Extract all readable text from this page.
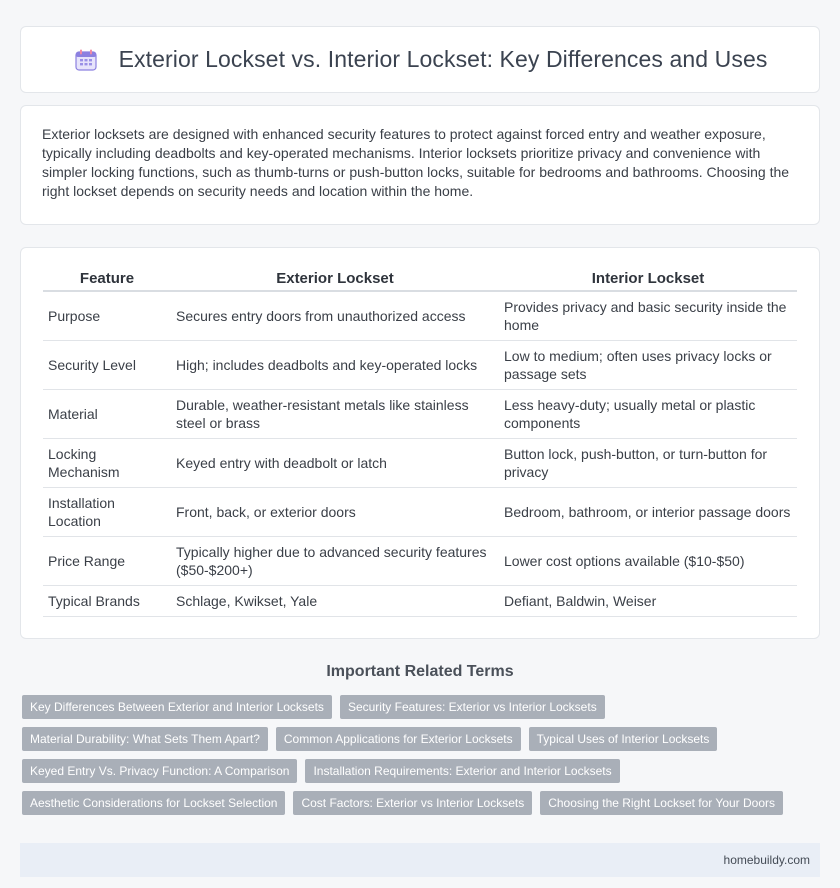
Exterior Lockset vs. Interior Lockset: Key Differences and Uses

Exterior locksets are designed with enhanced security features to protect against forced entry and weather exposure, typically including deadbolts and key-operated mechanisms. Interior locksets prioritize privacy and convenience with simpler locking functions, such as thumb-turns or push-button locks, suitable for bedrooms and bathrooms. Choosing the right lockset depends on security needs and location within the home.

Feature	Exterior Lockset	Interior Lockset
Purpose	Secures entry doors from unauthorized access	Provides privacy and basic security inside the home
Security Level	High; includes deadbolts and key-operated locks	Low to medium; often uses privacy locks or passage sets
Material	Durable, weather-resistant metals like stainless steel or brass	Less heavy-duty; usually metal or plastic components
Locking Mechanism	Keyed entry with deadbolt or latch	Button lock, push-button, or turn-button for privacy
Installation Location	Front, back, or exterior doors	Bedroom, bathroom, or interior passage doors
Price Range	Typically higher due to advanced security features ($50-$200+)	Lower cost options available ($10-$50)
Typical Brands	Schlage, Kwikset, Yale	Defiant, Baldwin, Weiser
Important Related Terms
Key Differences Between Exterior and Interior Locksets	Security Features: Exterior vs Interior Locksets
Material Durability: What Sets Them Apart?	Common Applications for Exterior Locksets	Typical Uses of Interior Locksets
Keyed Entry Vs. Privacy Function: A Comparison	Installation Requirements: Exterior and Interior Locksets
Aesthetic Considerations for Lockset Selection	Cost Factors: Exterior vs Interior Locksets	Choosing the Right Lockset for Your Doors
homebuildy.com
